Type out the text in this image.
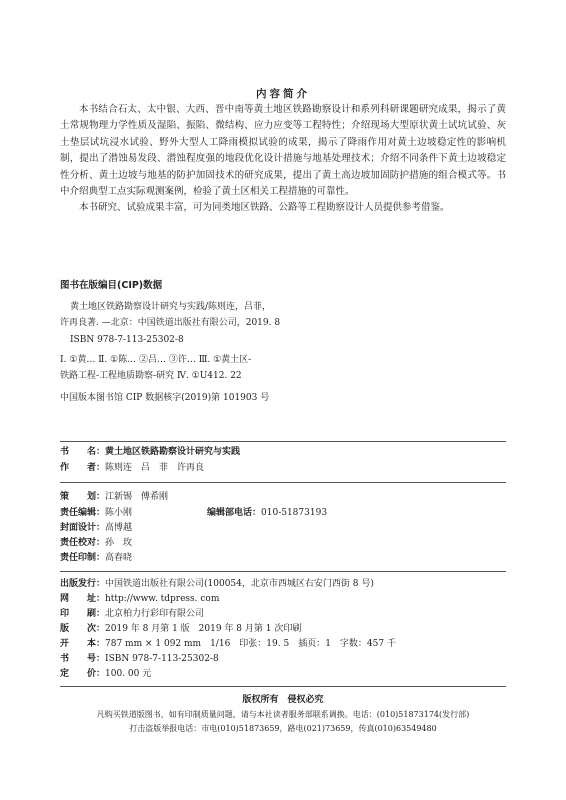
内容简介

本书结合石太、太中银、大西、晋中南等黄土地区铁路勘察设计和系列科研课题研究成果，揭示了黄土常规物理力学性质及湿陷、振陷、微结构、应力应变等工程特性；介绍现场大型原状黄土试坑试验、灰土垫层试坑浸水试验、野外大型人工降雨模拟试验的成果，揭示了降雨作用对黄土边坡稳定性的影响机制，提出了潜蚀易发段、潜蚀程度强的地段优化设计措施与地基处理技术；介绍不同条件下黄土边坡稳定性分析、黄土边坡与地基的防护加固技术的研究成果，提出了黄土高边坡加固防护措施的组合模式等。书中介绍典型工点实际观测案例，检验了黄土区相关工程措施的可靠性。

本书研究、试验成果丰富，可为同类地区铁路、公路等工程勘察设计人员提供参考借鉴。

图书在版编目(CIP)数据
黄土地区铁路勘察设计研究与实践/陈则连，吕菲，
许再良著. —北京：中国铁道出版社有限公司，2019. 8
ISBN 978-7-113-25302-8
Ⅰ. ①黄… Ⅱ. ①陈… ②吕… ③许… Ⅲ. ①黄土区-
铁路工程-工程地质勘察-研究 Ⅳ. ①U412. 22
中国版本图书馆 CIP 数据核字(2019)第 101903 号
书　　名：黄土地区铁路勘察设计研究与实践
作　　者：陈则连　吕　菲　许再良
策　　划：江新锡　傅希刚
责任编辑：陈小刚	编辑部电话：010-51873193
封面设计：高博越
责任校对：孙　玫
责任印制：高春晓
出版发行：中国铁道出版社有限公司(100054，北京市西城区右安门西街 8 号)
网　　址：http://www. tdpress. com
印　　刷：北京柏力行彩印有限公司
版　　次：2019 年 8 月第 1 版　2019 年 8 月第 1 次印刷
开　　本：787 mm × 1 092 mm　1/16　印张：19. 5　插页：1　字数：457 千
书　　号：ISBN 978-7-113-25302-8
定　　价：100. 00 元
版权所有　侵权必究
凡购买铁道版图书，如有印制质量问题，请与本社读者服务部联系调换。电话：(010)51873174(发行部)
打击盗版举报电话：市电(010)51873659，路电(021)73659，传真(010)63549480
